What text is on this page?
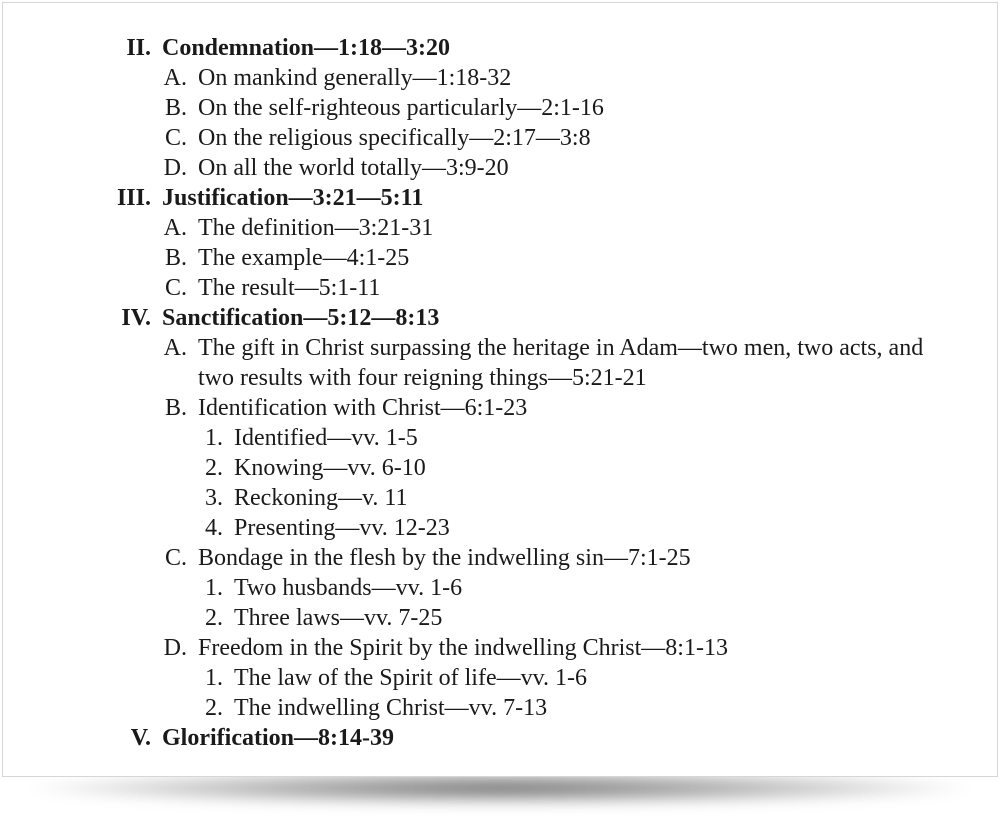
II. Condemnation—1:18—3:20
A. On mankind generally—1:18-32
B. On the self-righteous particularly—2:1-16
C. On the religious specifically—2:17—3:8
D. On all the world totally—3:9-20
III. Justification—3:21—5:11
A. The definition—3:21-31
B. The example—4:1-25
C. The result—5:1-11
IV. Sanctification—5:12—8:13
A. The gift in Christ surpassing the heritage in Adam—two men, two acts, and two results with four reigning things—5:21-21
B. Identification with Christ—6:1-23
1. Identified—vv. 1-5
2. Knowing—vv. 6-10
3. Reckoning—v. 11
4. Presenting—vv. 12-23
C. Bondage in the flesh by the indwelling sin—7:1-25
1. Two husbands—vv. 1-6
2. Three laws—vv. 7-25
D. Freedom in the Spirit by the indwelling Christ—8:1-13
1. The law of the Spirit of life—vv. 1-6
2. The indwelling Christ—vv. 7-13
V. Glorification—8:14-39
